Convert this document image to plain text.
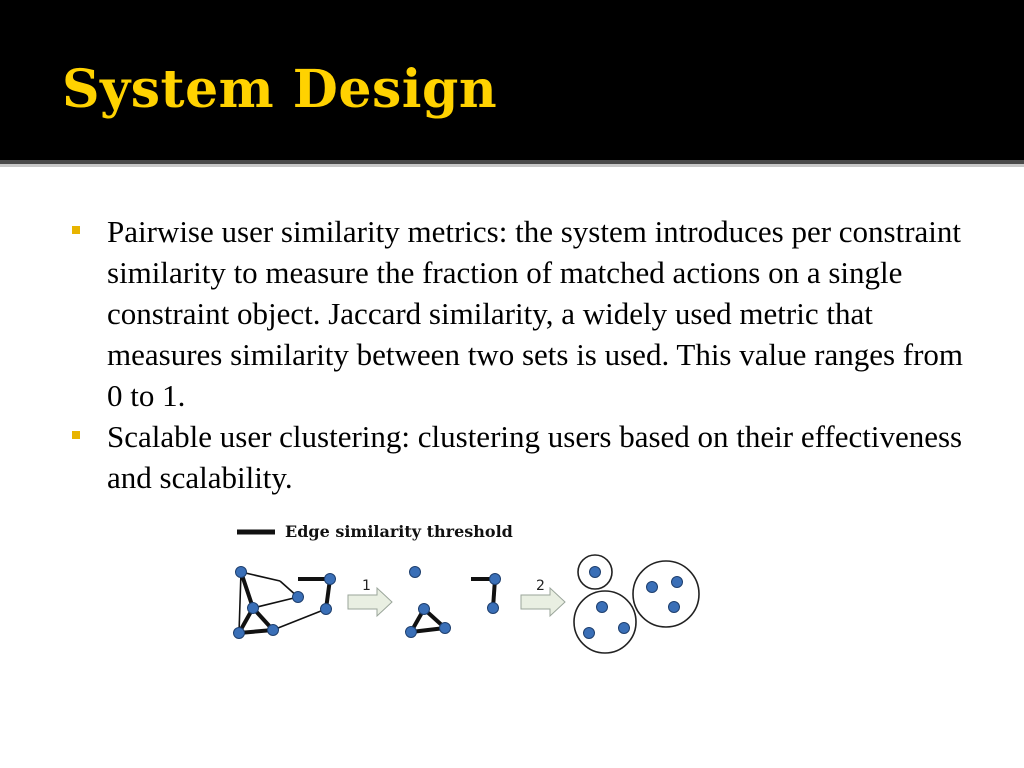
System Design
Pairwise user similarity metrics: the system introduces per constraint similarity to measure the fraction of matched actions on a single constraint object. Jaccard similarity, a widely used metric that measures similarity between two sets is used. This value ranges from 0 to 1.
Scalable user clustering: clustering users based on their effectiveness and scalability.
Edge similarity threshold
1	2
